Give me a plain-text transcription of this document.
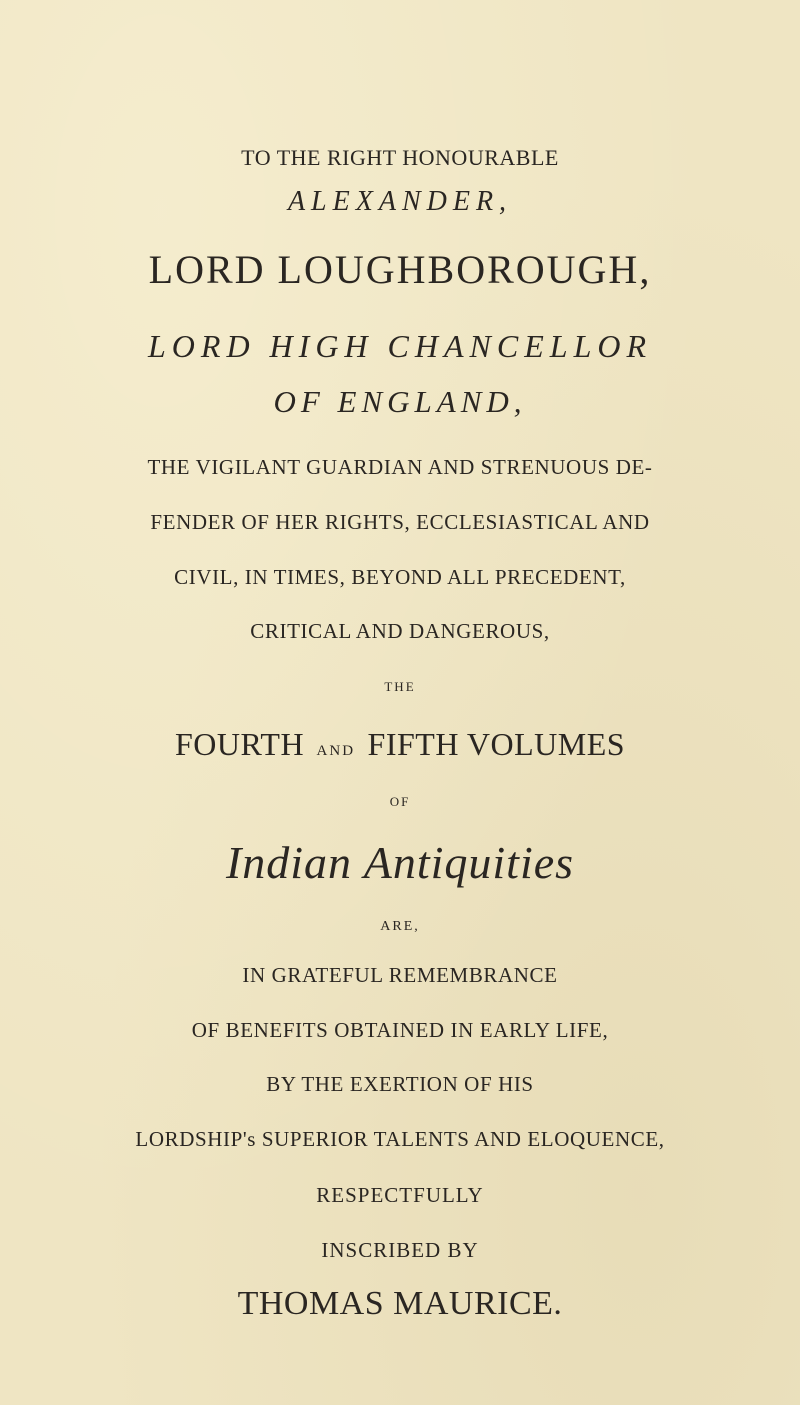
TO THE RIGHT HONOURABLE
ALEXANDER,
LORD LOUGHBOROUGH,
LORD HIGH CHANCELLOR
OF ENGLAND,
THE VIGILANT GUARDIAN AND STRENUOUS DE-
FENDER OF HER RIGHTS, ECCLESIASTICAL AND
CIVIL, IN TIMES, BEYOND ALL PRECEDENT,
CRITICAL AND DANGEROUS,
THE
FOURTH AND FIFTH VOLUMES
OF
Indian Antiquities
ARE,
IN GRATEFUL REMEMBRANCE
OF BENEFITS OBTAINED IN EARLY LIFE,
BY THE EXERTION OF HIS
LORDSHIP's SUPERIOR TALENTS AND ELOQUENCE,
RESPECTFULLY
INSCRIBED BY
THOMAS MAURICE.
